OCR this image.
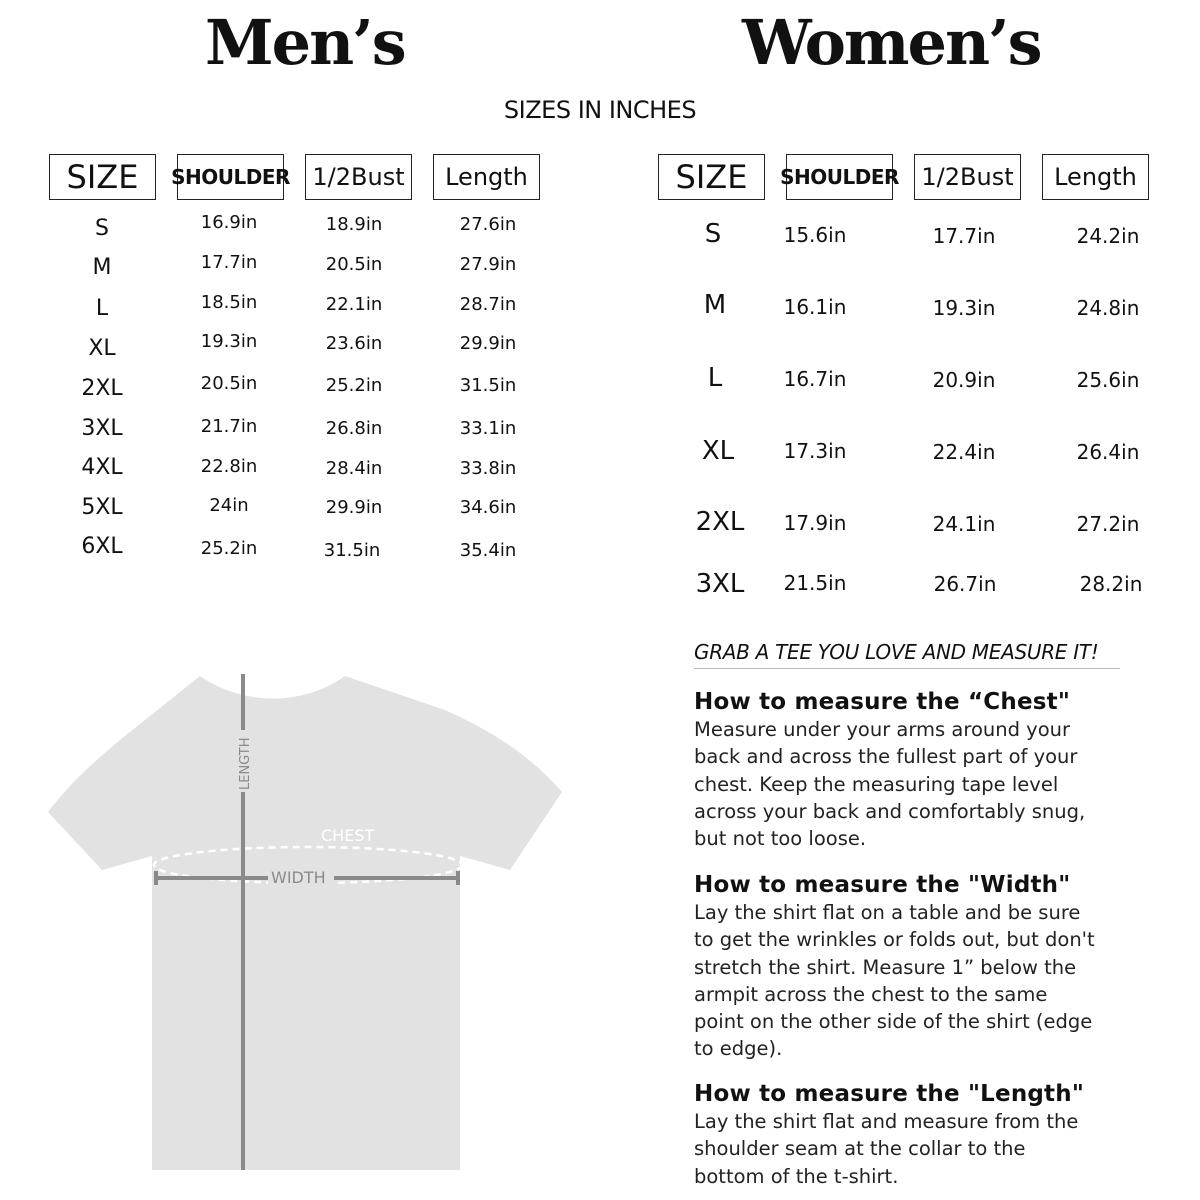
Men’s	Women’s
SIZES IN INCHES
SIZE SHOULDER 1/2Bust Length	SIZE SHOULDER 1/2Bust Length
S	16.9in	18.9in	27.6in
M	17.7in	20.5in	27.9in
L	18.5in	22.1in	28.7in
XL	19.3in	23.6in	29.9in
2XL	20.5in	25.2in	31.5in
3XL	21.7in	26.8in	33.1in
4XL	22.8in	28.4in	33.8in
5XL	24in	29.9in	34.6in
6XL	25.2in	31.5in	35.4in
S	15.6in	17.7in	24.2in
M	16.1in	19.3in	24.8in
L	16.7in	20.9in	25.6in
XL	17.3in	22.4in	26.4in
2XL	17.9in	24.1in	27.2in
3XL	21.5in	26.7in	28.2in
LENGTH
CHEST
WIDTH
GRAB A TEE YOU LOVE AND MEASURE IT!
How to measure the “Chest"

Measure under your arms around your
back and across the fullest part of your
chest. Keep the measuring tape level
across your back and comfortably snug,
but not too loose.

How to measure the "Width"

Lay the shirt flat on a table and be sure
to get the wrinkles or folds out, but don't
stretch the shirt. Measure 1” below the
armpit across the chest to the same
point on the other side of the shirt (edge
to edge).

How to measure the "Length"

Lay the shirt flat and measure from the
shoulder seam at the collar to the
bottom of the t-shirt.
